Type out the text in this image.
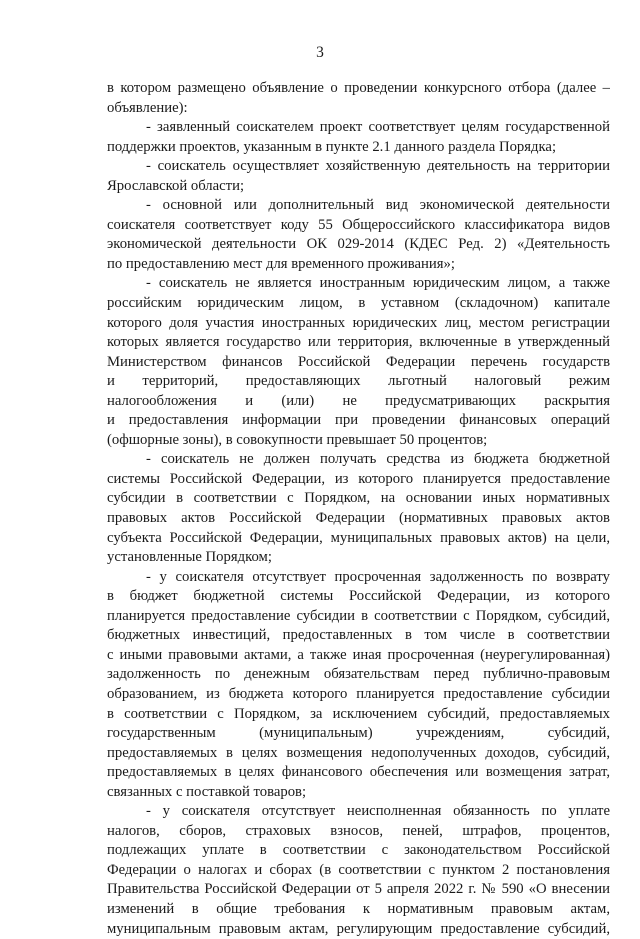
3
в котором размещено объявление о проведении конкурсного отбора (далее –
объявление):
- заявленный соискателем проект соответствует целям государственной
поддержки проектов, указанным в пункте 2.1 данного раздела Порядка;
- соискатель осуществляет хозяйственную деятельность на территории
Ярославской области;
- основной или дополнительный вид экономической деятельности
соискателя соответствует коду 55 Общероссийского классификатора видов
экономической деятельности ОК 029-2014 (КДЕС Ред. 2) «Деятельность
по предоставлению мест для временного проживания»;
- соискатель не является иностранным юридическим лицом, а также
российским юридическим лицом, в уставном (складочном) капитале
которого доля участия иностранных юридических лиц, местом регистрации
которых является государство или территория, включенные в утвержденный
Министерством финансов Российской Федерации перечень государств
и территорий, предоставляющих льготный налоговый режим
налогообложения и (или) не предусматривающих раскрытия
и предоставления информации при проведении финансовых операций
(офшорные зоны), в совокупности превышает 50 процентов;
- соискатель не должен получать средства из бюджета бюджетной
системы Российской Федерации, из которого планируется предоставление
субсидии в соответствии с Порядком, на основании иных нормативных
правовых актов Российской Федерации (нормативных правовых актов
субъекта Российской Федерации, муниципальных правовых актов) на цели,
установленные Порядком;
- у соискателя отсутствует просроченная задолженность по возврату
в бюджет бюджетной системы Российской Федерации, из которого
планируется предоставление субсидии в соответствии с Порядком, субсидий,
бюджетных инвестиций, предоставленных в том числе в соответствии
с иными правовыми актами, а также иная просроченная (неурегулированная)
задолженность по денежным обязательствам перед публично-правовым
образованием, из бюджета которого планируется предоставление субсидии
в соответствии с Порядком, за исключением субсидий, предоставляемых
государственным (муниципальным) учреждениям, субсидий,
предоставляемых в целях возмещения недополученных доходов, субсидий,
предоставляемых в целях финансового обеспечения или возмещения затрат,
связанных с поставкой товаров;
- у соискателя отсутствует неисполненная обязанность по уплате
налогов, сборов, страховых взносов, пеней, штрафов, процентов,
подлежащих уплате в соответствии с законодательством Российской
Федерации о налогах и сборах (в соответствии с пунктом 2 постановления
Правительства Российской Федерации от 5 апреля 2022 г. № 590 «О внесении
изменений в общие требования к нормативным правовым актам,
муниципальным правовым актам, регулирующим предоставление субсидий,
